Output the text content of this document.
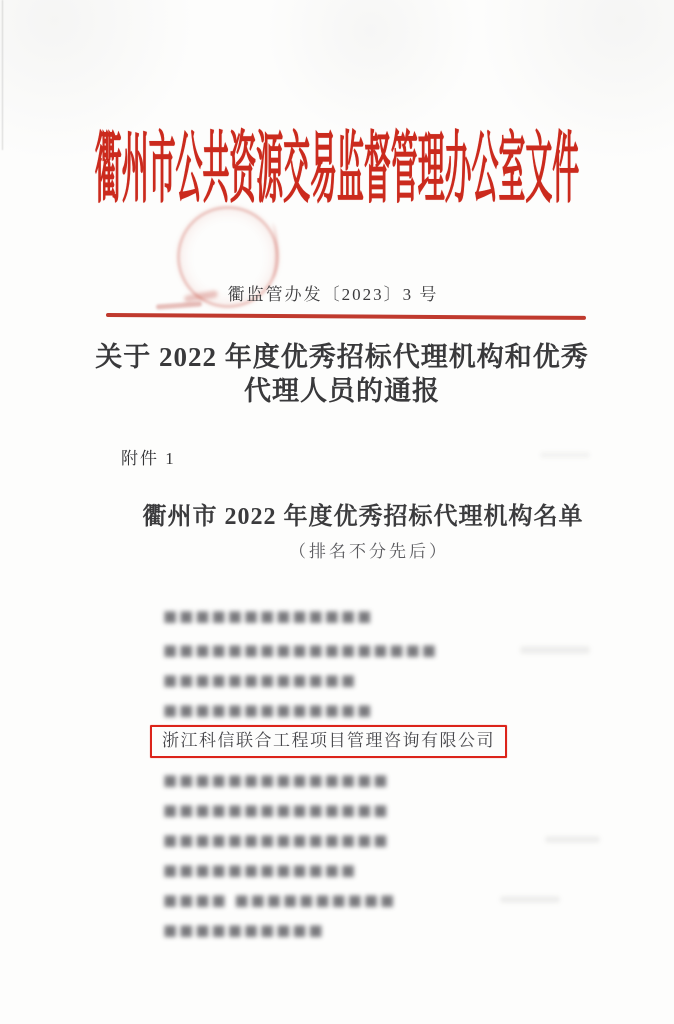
衢州市公共资源交易监督管理办公室文件
衢监管办发〔2023〕3 号
关于 2022 年度优秀招标代理机构和优秀
代理人员的通报
附件 1
衢州市 2022 年度优秀招标代理机构名单
（排名不分先后）
■■■■■■■■■■■■■
■■■■■■■■■■■■■■■■■
■■■■■■■■■■■■
■■■■■■■■■■■■■
浙江科信联合工程项目管理咨询有限公司
■■■■■■■■■■■■■■
■■■■■■■■■■■■■■
■■■■■■■■■■■■■■
■■■■■■■■■■■■
■■■■ ■■■■■■■■■■
■■■■■■■■■■
